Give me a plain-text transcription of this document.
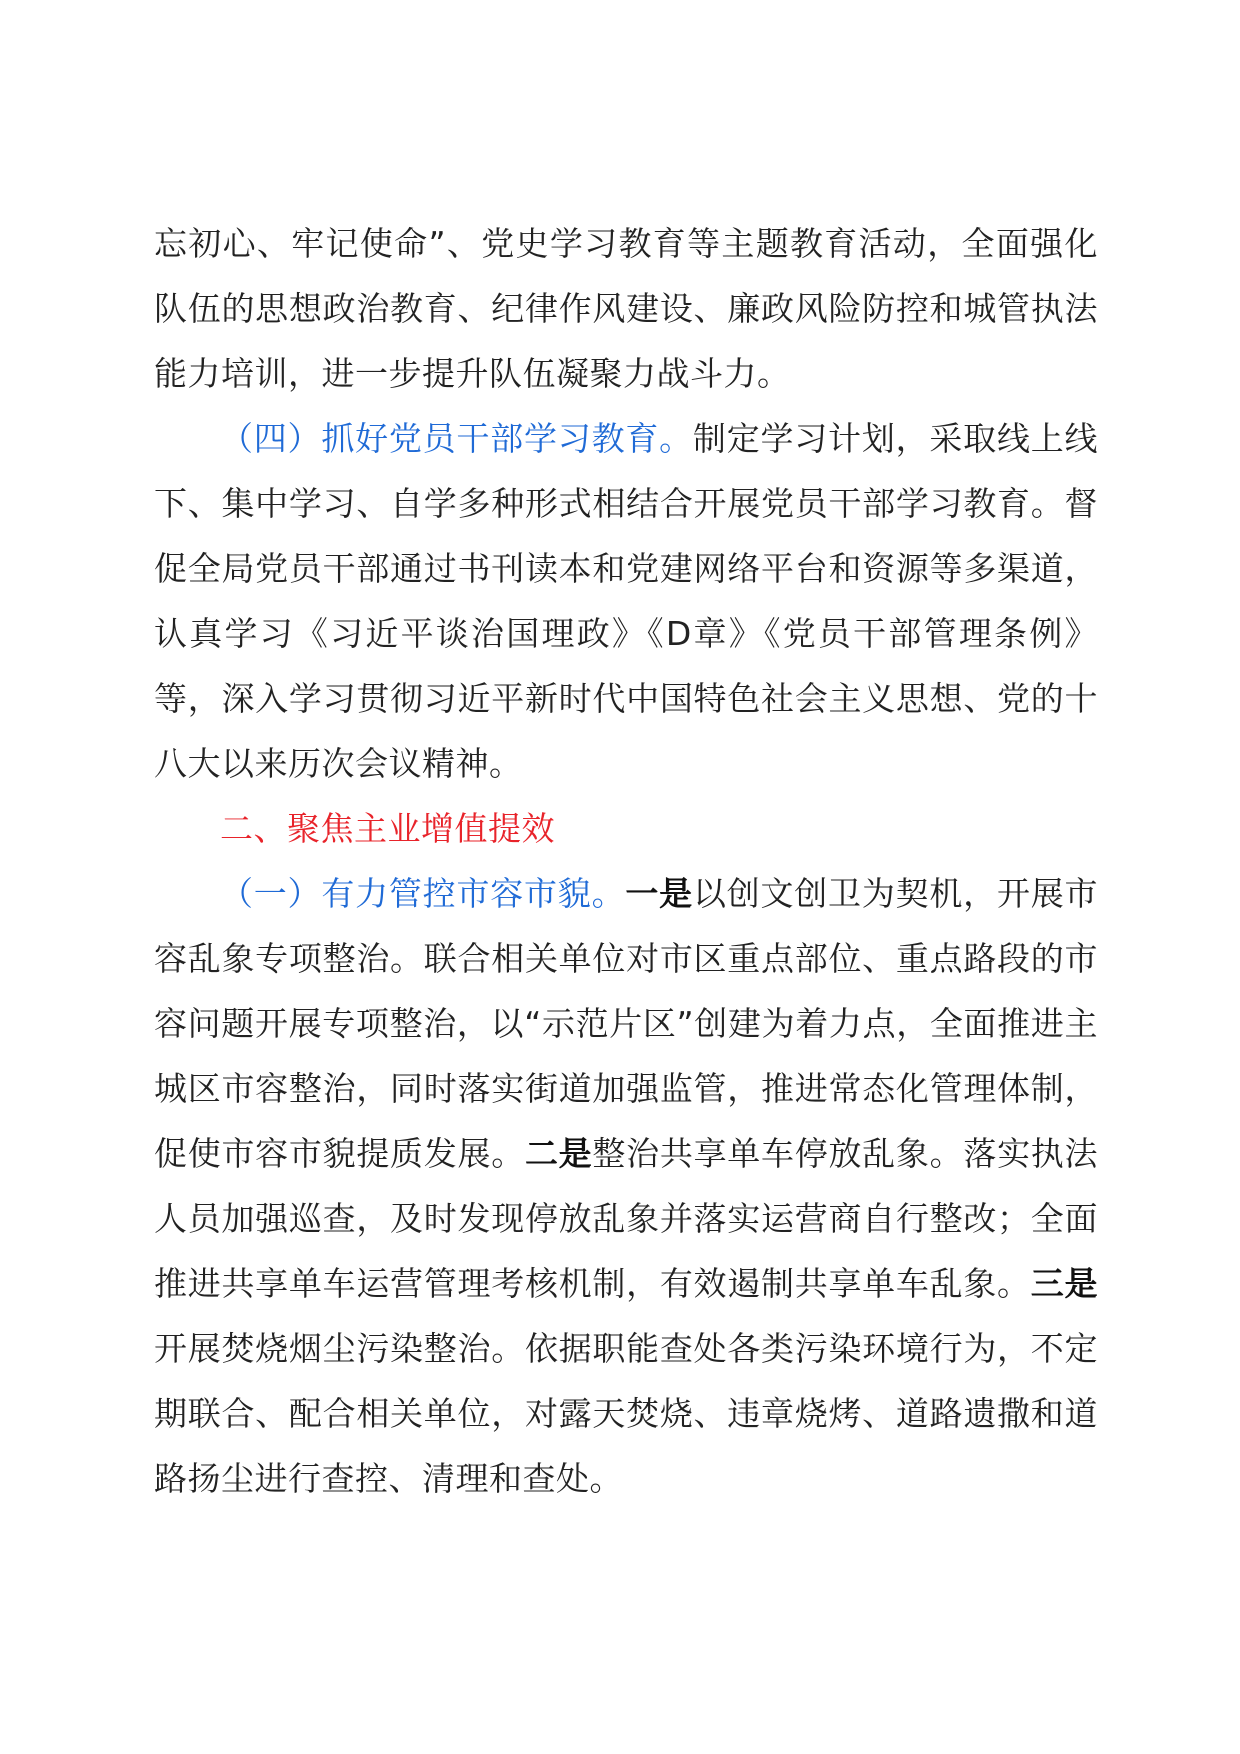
忘初心、牢记使命”、党史学习教育等主题教育活动，全面强化队伍的思想政治教育、纪律作风建设、廉政风险防控和城管执法能力培训，进一步提升队伍凝聚力战斗力。

（四）抓好党员干部学习教育。制定学习计划，采取线上线下、集中学习、自学多种形式相结合开展党员干部学习教育。督促全局党员干部通过书刊读本和党建网络平台和资源等多渠道，认真学习《习近平谈治国理政》《D章》《党员干部管理条例》等，深入学习贯彻习近平新时代中国特色社会主义思想、党的十八大以来历次会议精神。

二、聚焦主业增值提效

（一）有力管控市容市貌。一是以创文创卫为契机，开展市容乱象专项整治。联合相关单位对市区重点部位、重点路段的市容问题开展专项整治，以“示范片区”创建为着力点，全面推进主城区市容整治，同时落实街道加强监管，推进常态化管理体制，促使市容市貌提质发展。二是整治共享单车停放乱象。落实执法人员加强巡查，及时发现停放乱象并落实运营商自行整改；全面推进共享单车运营管理考核机制，有效遏制共享单车乱象。三是开展焚烧烟尘污染整治。依据职能查处各类污染环境行为，不定期联合、配合相关单位，对露天焚烧、违章烧烤、道路遗撒和道路扬尘进行查控、清理和查处。
